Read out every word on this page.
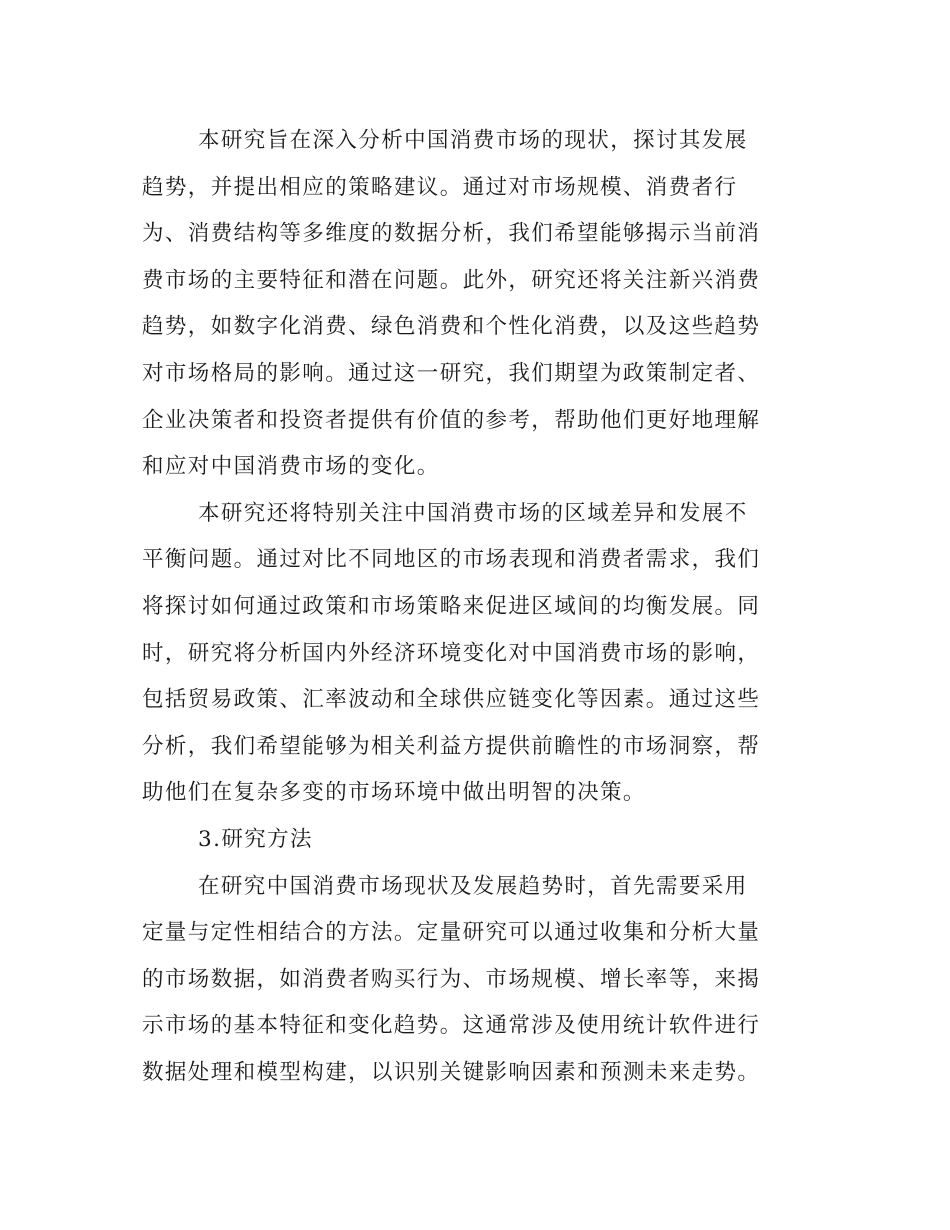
本研究旨在深入分析中国消费市场的现状，探讨其发展
趋势，并提出相应的策略建议。通过对市场规模、消费者行
为、消费结构等多维度的数据分析，我们希望能够揭示当前消
费市场的主要特征和潜在问题。此外，研究还将关注新兴消费
趋势，如数字化消费、绿色消费和个性化消费，以及这些趋势
对市场格局的影响。通过这一研究，我们期望为政策制定者、
企业决策者和投资者提供有价值的参考，帮助他们更好地理解
和应对中国消费市场的变化。
本研究还将特别关注中国消费市场的区域差异和发展不
平衡问题。通过对比不同地区的市场表现和消费者需求，我们
将探讨如何通过政策和市场策略来促进区域间的均衡发展。同
时，研究将分析国内外经济环境变化对中国消费市场的影响，
包括贸易政策、汇率波动和全球供应链变化等因素。通过这些
分析，我们希望能够为相关利益方提供前瞻性的市场洞察，帮
助他们在复杂多变的市场环境中做出明智的决策。
3.研究方法
在研究中国消费市场现状及发展趋势时，首先需要采用
定量与定性相结合的方法。定量研究可以通过收集和分析大量
的市场数据，如消费者购买行为、市场规模、增长率等，来揭
示市场的基本特征和变化趋势。这通常涉及使用统计软件进行
数据处理和模型构建，以识别关键影响因素和预测未来走势。
